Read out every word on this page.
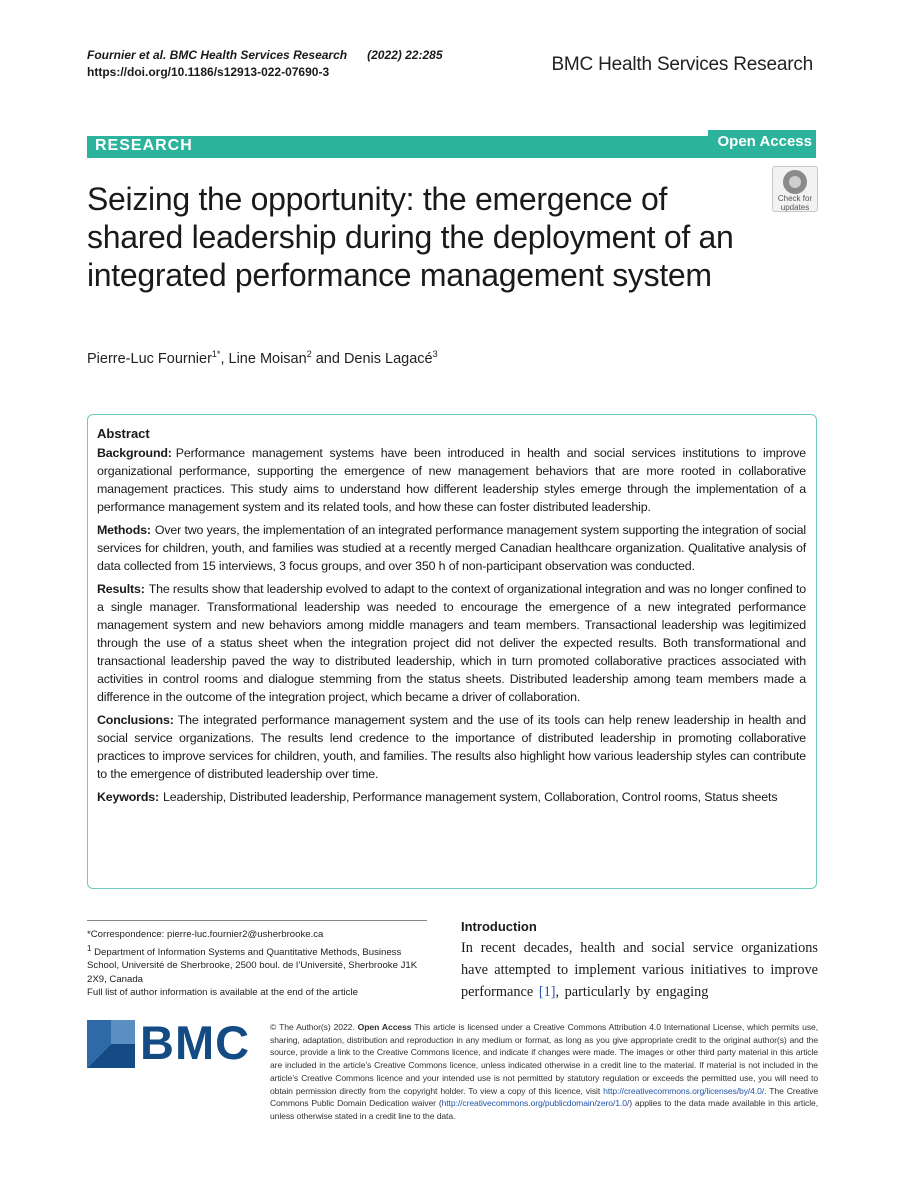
Fournier et al. BMC Health Services Research      (2022) 22:285
https://doi.org/10.1186/s12913-022-07690-3	BMC Health Services Research
RESEARCH	Open Access
Check for
updates
Seizing the opportunity: the emergence of shared leadership during the deployment of an integrated performance management system
Pierre-Luc Fournier$^{1*}$, Line Moisan$^2$ and Denis Lagacé$^3$
Abstract

Background: Performance management systems have been introduced in health and social services institutions to improve organizational performance, supporting the emergence of new management behaviors that are more rooted in collaborative management practices. This study aims to understand how different leadership styles emerge through the implementation of a performance management system and its related tools, and how these can foster distributed leadership.

Methods: Over two years, the implementation of an integrated performance management system supporting the integration of social services for children, youth, and families was studied at a recently merged Canadian healthcare organization. Qualitative analysis of data collected from 15 interviews, 3 focus groups, and over 350 h of non-participant observation was conducted.

Results: The results show that leadership evolved to adapt to the context of organizational integration and was no longer confined to a single manager. Transformational leadership was needed to encourage the emergence of a new integrated performance management system and new behaviors among middle managers and team members. Transactional leadership was legitimized through the use of a status sheet when the integration project did not deliver the expected results. Both transformational and transactional leadership paved the way to distributed leadership, which in turn promoted collaborative practices associated with activities in control rooms and dialogue stemming from the status sheets. Distributed leadership among team members made a difference in the outcome of the integration project, which became a driver of collaboration.

Conclusions: The integrated performance management system and the use of its tools can help renew leadership in health and social service organizations. The results lend credence to the importance of distributed leadership in promoting collaborative practices to improve services for children, youth, and families. The results also highlight how various leadership styles can contribute to the emergence of distributed leadership over time.

Keywords: Leadership, Distributed leadership, Performance management system, Collaboration, Control rooms, Status sheets

*Correspondence: pierre-luc.fournier2@usherbrooke.ca
$^1$ Department of Information Systems and Quantitative Methods, Business School, Université de Sherbrooke, 2500 boul. de l’Université, Sherbrooke J1K 2X9, Canada
Full list of author information is available at the end of the article
Introduction

In recent decades, health and social service organizations have attempted to implement various initiatives to improve performance [1], particularly by engaging

BMC © The Author(s) 2022. Open Access This article is licensed under a Creative Commons Attribution 4.0 International License, which permits use, sharing, adaptation, distribution and reproduction in any medium or format, as long as you give appropriate credit to the original author(s) and the source, provide a link to the Creative Commons licence, and indicate if changes were made. The images or other third party material in this article are included in the article’s Creative Commons licence, unless indicated otherwise in a credit line to the material. If material is not included in the article’s Creative Commons licence and your intended use is not permitted by statutory regulation or exceeds the permitted use, you will need to obtain permission directly from the copyright holder. To view a copy of this licence, visit http://creativecommons.org/licenses/by/4.0/. The Creative Commons Public Domain Dedication waiver (http://creativecommons.org/publicdomain/zero/1.0/) applies to the data made available in this article, unless otherwise stated in a credit line to the data.
